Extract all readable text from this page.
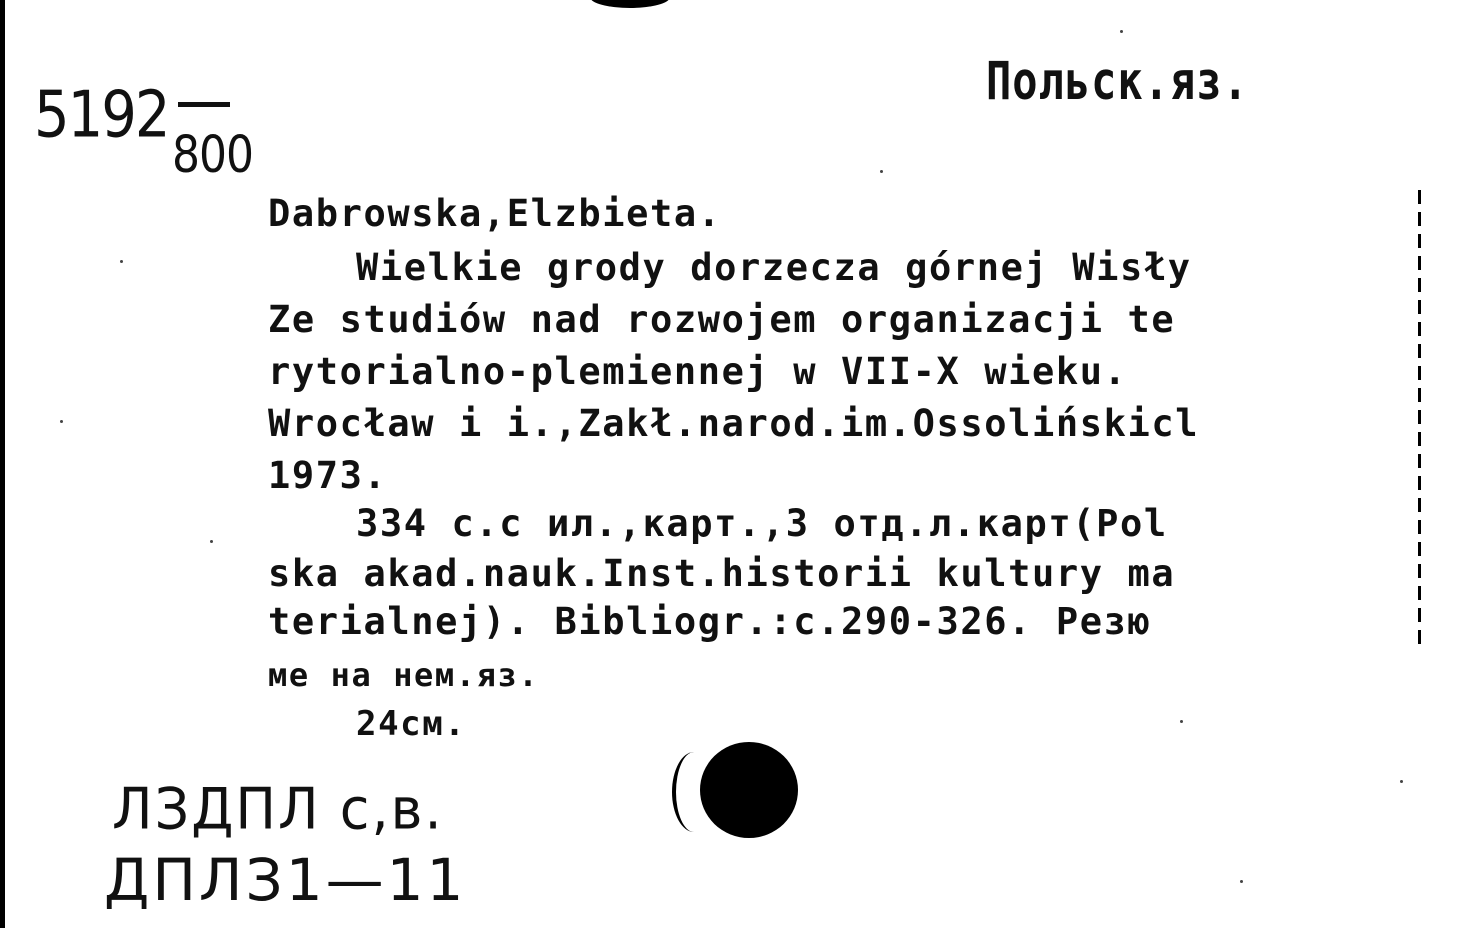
5192
800
Польск.яз.
Dabrowska,Elzbieta.
Wielkie grody dorzecza górnej Wisły
Ze studiów nad rozwojem organizacji te
rytorialno-plemiennej w VII-X wieku.
Wrocław i i.,Zakł.narod.im.Ossolińskicl
1973.
334 c.c ил.,карт.,3 отд.л.карт(Pol
ska akad.nauk.Inst.historii kultury ma
terialnej). Bibliogr.:c.290-326. Резю
ме на нем.яз.
24см.
ЛЗДПЛ с,в.
ДПЛЗ1—11
